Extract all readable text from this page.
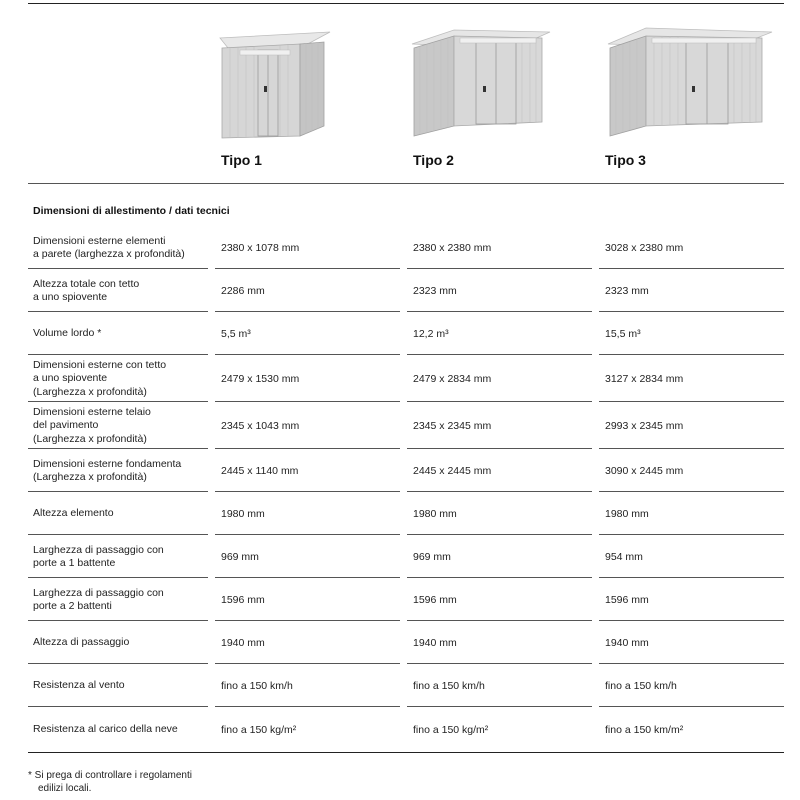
Tipo 1	Tipo 2	Tipo 3
Dimensioni di allestimento / dati tecnici
Dimensioni esterne elementi
a parete (larghezza x profondità)
2380 x 1078 mm	2380 x 2380 mm	3028 x 2380 mm
Altezza totale con tetto
a uno spiovente
2286 mm	2323 mm	2323 mm
Volume lordo *	5,5 m³	12,2 m³	15,5 m³
Dimensioni esterne con tetto
a uno spiovente
(Larghezza x profondità)
2479 x 1530 mm	2479 x 2834 mm	3127 x 2834 mm
Dimensioni esterne telaio
del pavimento
(Larghezza x profondità)
2345 x 1043 mm	2345 x 2345 mm	2993 x 2345 mm
Dimensioni esterne fondamenta
(Larghezza x profondità)
2445 x 1140 mm	2445 x 2445 mm	3090 x 2445 mm
Altezza elemento	1980 mm	1980 mm	1980 mm
Larghezza di passaggio con
porte a 1 battente
969 mm	969 mm	954 mm
Larghezza di passaggio con
porte a 2 battenti
1596 mm	1596 mm	1596 mm
Altezza di passaggio	1940 mm	1940 mm	1940 mm
Resistenza al vento	fino a 150 km/h	fino a 150 km/h	fino a 150 km/h
Resistenza al carico della neve	fino a 150 kg/m²	fino a 150 kg/m²	fino a 150 km/m²
* Si prega di controllare i regolamenti
edilizi locali.
